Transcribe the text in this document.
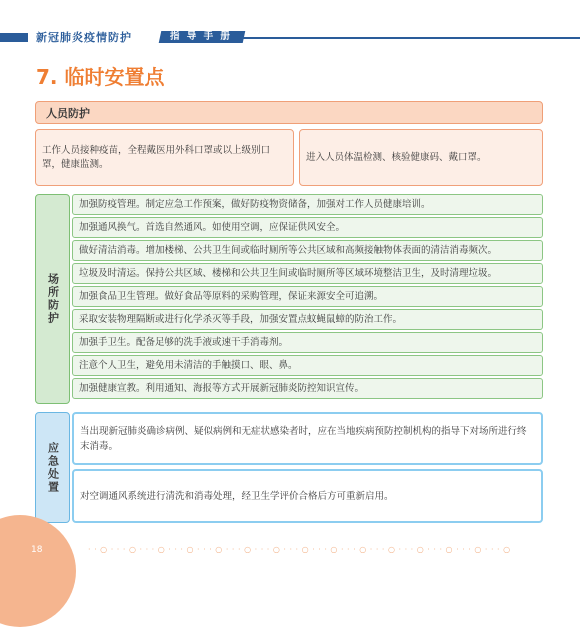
新冠肺炎疫情防护	指 导 手 册
7. 临时安置点
人员防护
工作人员接种疫苗，全程戴医用外科口罩或以上级别口罩，健康监测。
进入人员体温检测、核验健康码、戴口罩。
场所防护
加强防疫管理。制定应急工作预案，做好防疫物资储备，加强对工作人员健康培训。
加强通风换气。首选自然通风。如使用空调，应保证供风安全。
做好清洁消毒。增加楼梯、公共卫生间或临时厕所等公共区域和高频接触物体表面的清洁消毒频次。
垃圾及时清运。保持公共区域、楼梯和公共卫生间或临时厕所等区域环境整洁卫生，及时清理垃圾。
加强食品卫生管理。做好食品等原料的采购管理，保证来源安全可追溯。
采取安装物理隔断或进行化学杀灭等手段，加强安置点蚊蝇鼠蟑的防治工作。
加强手卫生。配备足够的洗手液或速干手消毒剂。
注意个人卫生，避免用未清洁的手触摸口、眼、鼻。
加强健康宣教。利用通知、海报等方式开展新冠肺炎防控知识宣传。
应急处置
当出现新冠肺炎确诊病例、疑似病例和无症状感染者时，应在当地疾病预防控制机构的指导下对场所进行终末消毒。
对空调通风系统进行清洗和消毒处理，经卫生学评价合格后方可重新启用。
18	· · ○ · · · ○ · · · ○ · · · ○ · · · ○ · · · ○ · · · ○ · · · ○ · · · ○ · · · ○ · · · ○ · · · ○ · · · ○ · · · ○ · · · ○
